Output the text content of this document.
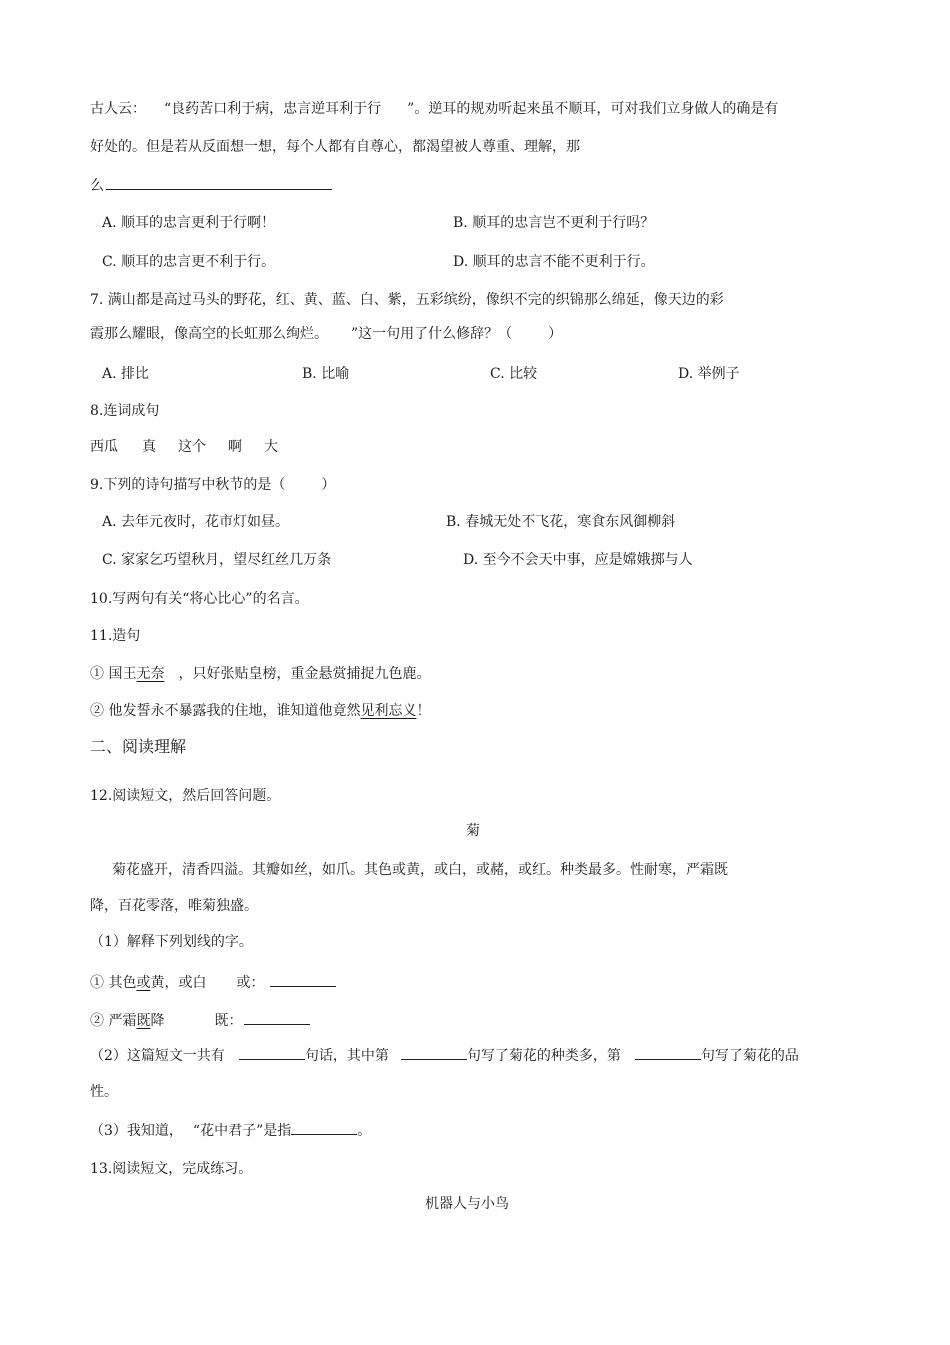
古人云： “良药苦口利于病，忠言逆耳利于行 ”。逆耳的规劝听起来虽不顺耳，可对我们立身做人的确是有
好处的。但是若从反面想一想，每个人都有自尊心，都渴望被人尊重、理解，那
么
A. 顺耳的忠言更利于行啊！	B. 顺耳的忠言岂不更利于行吗？
C. 顺耳的忠言更不利于行。	D. 顺耳的忠言不能不更利于行。
7. 满山都是高过马头的野花，红、黄、蓝、白、紫，五彩缤纷，像织不完的织锦那么绵延，像天边的彩
霞那么耀眼，像高空的长虹那么绚烂。 ”这一句用了什么修辞？（	）
A. 排比	B. 比喻	C. 比较	D. 举例子
8.连词成句
西瓜 真 这个 啊 大
9.下列的诗句描写中秋节的是（	）
A. 去年元夜时，花市灯如昼。	B. 春城无处不飞花，寒食东风御柳斜
C. 家家乞巧望秋月，望尽红丝几万条	D. 至今不会天中事，应是嫦娥掷与人
10.写两句有关“将心比心”的名言。
11.造句
① 国王无奈 ，只好张贴皇榜，重金悬赏捕捉九色鹿。
② 他发誓永不暴露我的住地，谁知道他竟然见利忘义！
二、阅读理解
12.阅读短文，然后回答问题。
菊
菊花盛开，清香四溢。其瓣如丝，如爪。其色或黄，或白，或赭，或红。种类最多。性耐寒，严霜既
降，百花零落，唯菊独盛。
（1）解释下列划线的字。
① 其色或黄，或白 或：
② 严霜既降	既：
（2）这篇短文一共有	句话，其中第	句写了菊花的种类多，第	句写了菊花的品
性。
（3）我知道， “花中君子”是指	。
13.阅读短文，完成练习。
机器人与小鸟
